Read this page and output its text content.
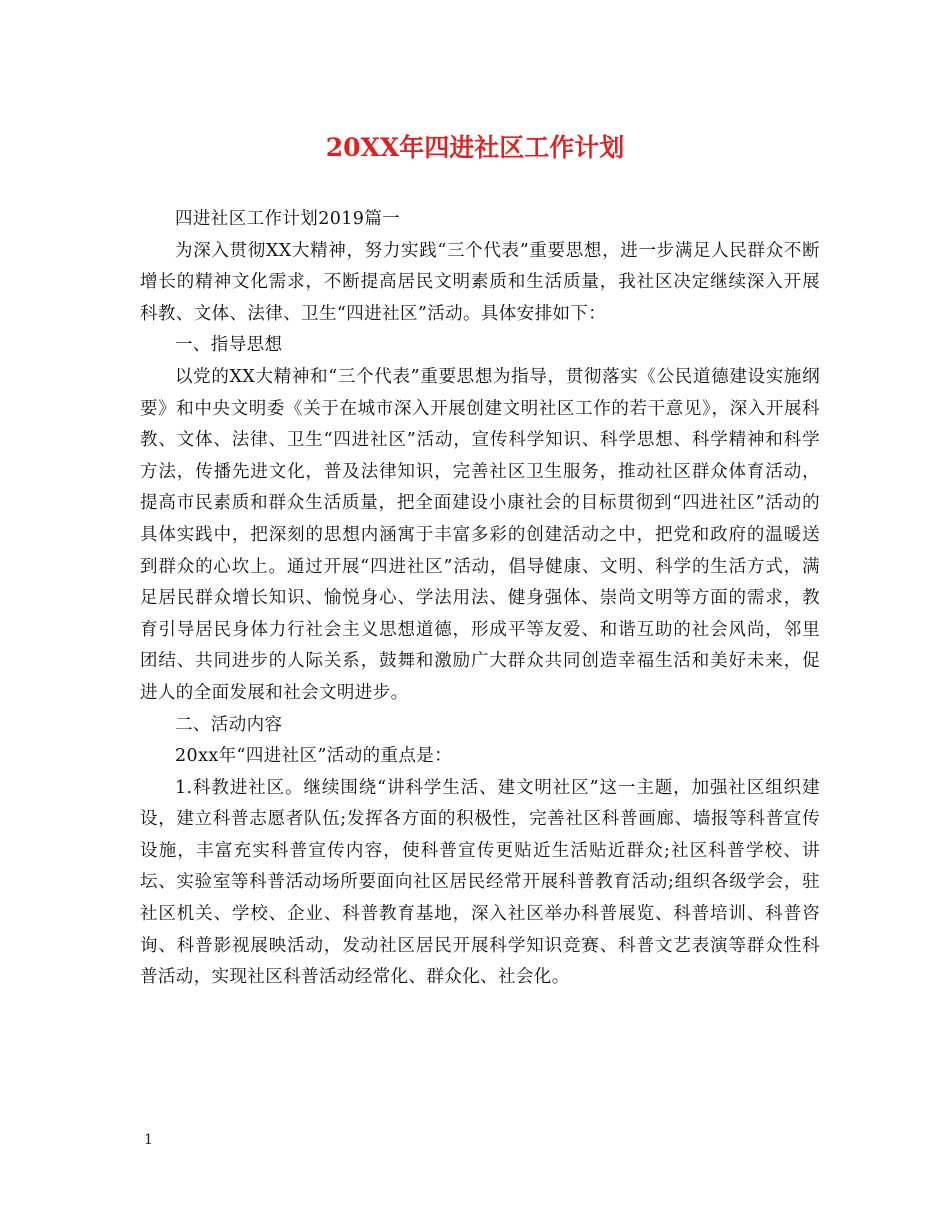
20XX年四进社区工作计划

四进社区工作计划2019篇一

为深入贯彻XX大精神，努力实践“三个代表”重要思想，进一步满足人民群众不断增长的精神文化需求，不断提高居民文明素质和生活质量，我社区决定继续深入开展科教、文体、法律、卫生“四进社区”活动。具体安排如下：

一、指导思想

以党的XX大精神和“三个代表”重要思想为指导，贯彻落实《公民道德建设实施纲要》和中央文明委《关于在城市深入开展创建文明社区工作的若干意见》，深入开展科教、文体、法律、卫生“四进社区”活动，宣传科学知识、科学思想、科学精神和科学方法，传播先进文化，普及法律知识，完善社区卫生服务，推动社区群众体育活动，提高市民素质和群众生活质量，把全面建设小康社会的目标贯彻到“四进社区”活动的具体实践中，把深刻的思想内涵寓于丰富多彩的创建活动之中，把党和政府的温暖送到群众的心坎上。通过开展“四进社区”活动，倡导健康、文明、科学的生活方式，满足居民群众增长知识、愉悦身心、学法用法、健身强体、崇尚文明等方面的需求，教育引导居民身体力行社会主义思想道德，形成平等友爱、和谐互助的社会风尚，邻里团结、共同进步的人际关系，鼓舞和激励广大群众共同创造幸福生活和美好未来，促进人的全面发展和社会文明进步。

二、活动内容

20xx年“四进社区”活动的重点是：

1.科教进社区。继续围绕“讲科学生活、建文明社区”这一主题，加强社区组织建设，建立科普志愿者队伍;发挥各方面的积极性，完善社区科普画廊、墙报等科普宣传设施，丰富充实科普宣传内容，使科普宣传更贴近生活贴近群众;社区科普学校、讲坛、实验室等科普活动场所要面向社区居民经常开展科普教育活动;组织各级学会，驻社区机关、学校、企业、科普教育基地，深入社区举办科普展览、科普培训、科普咨询、科普影视展映活动，发动社区居民开展科学知识竞赛、科普文艺表演等群众性科普活动，实现社区科普活动经常化、群众化、社会化。

1
